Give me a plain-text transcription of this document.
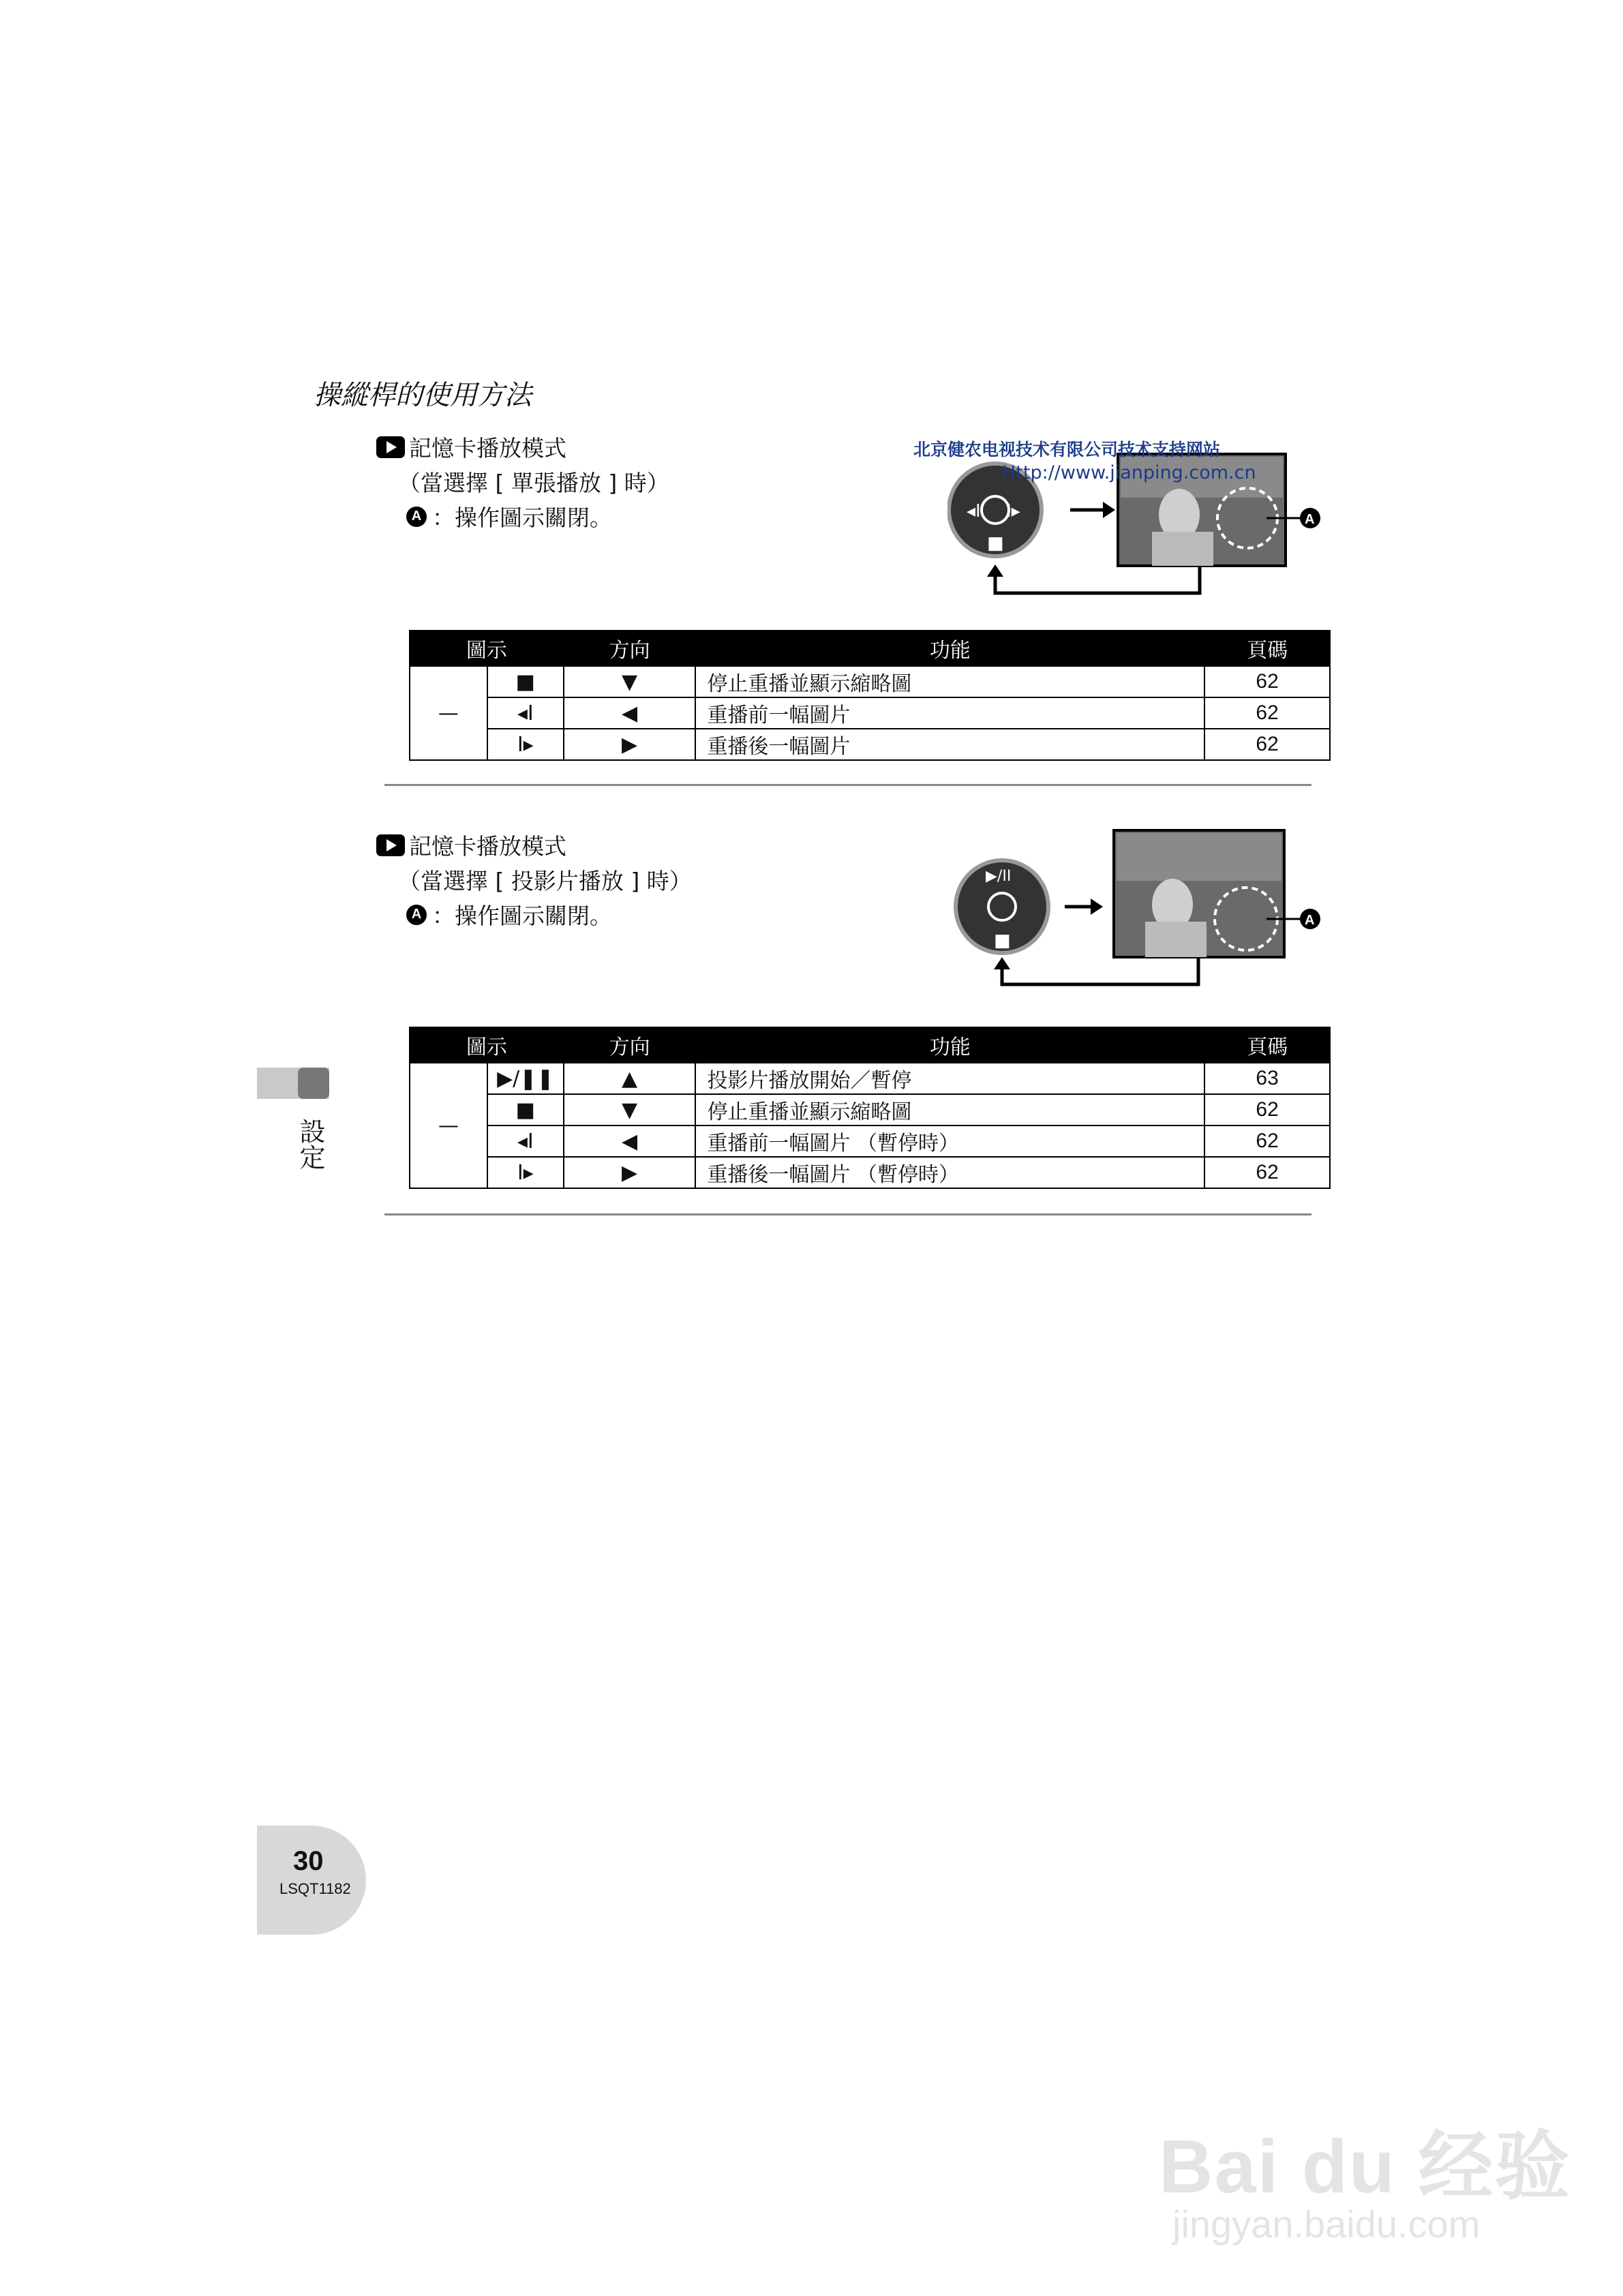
操縱桿的使用方法
記憶卡播放模式
（當選擇 [ 單張播放 ] 時）
A ：操作圖示關閉。	◂I I▸
■
A
北京健农电视技术有限公司技术支持网站
Http://www.jianping.com.cn
圖示		方向	功能	頁碼
—	■	▼	停止重播並顯示縮略圖	62
	◂I	◀	重播前一幅圖片	62
	I▸	▶	重播後一幅圖片	62
記憶卡播放模式
（當選擇 [ 投影片播放 ] 時）
A ：操作圖示關閉。
▶/II
■
A
圖示		方向	功能	頁碼
—	▶/❚❚	▲	投影片播放開始／暫停	63
	■	▼	停止重播並顯示縮略圖	62
	◂I	◀	重播前一幅圖片 （暫停時）	62
	I▸	▶	重播後一幅圖片 （暫停時）	62
設定
30
LSQT1182
Bai du 经验
jingyan.baidu.com
